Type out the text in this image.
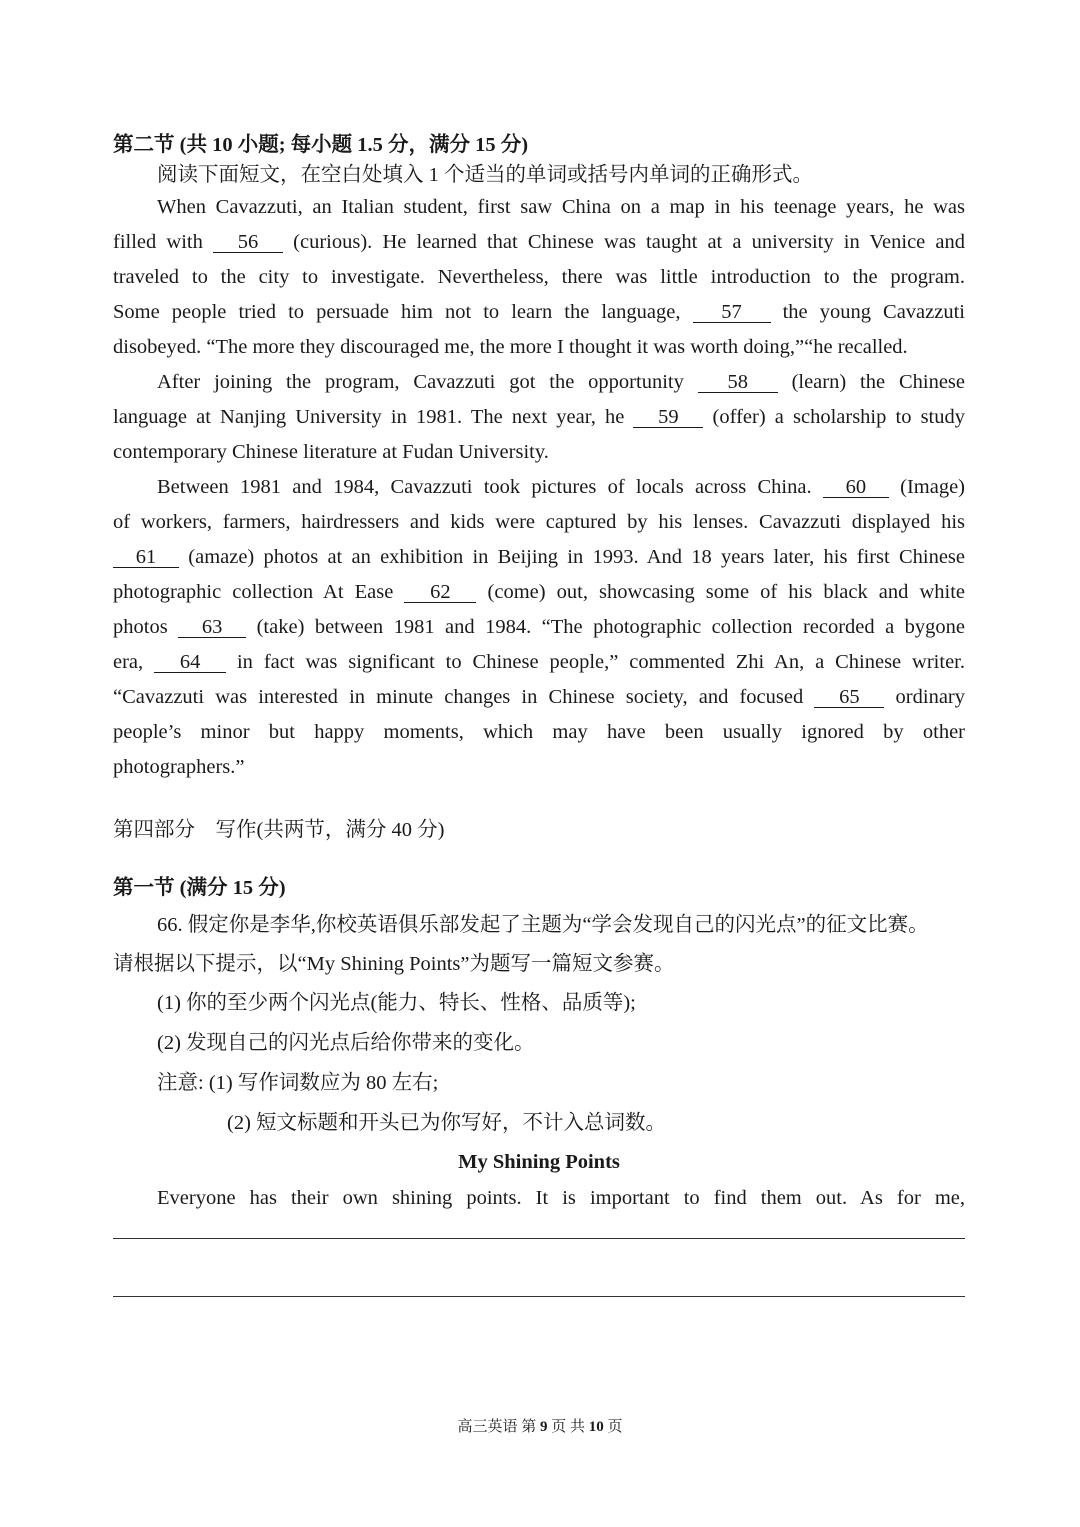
第二节 (共 10 小题; 每小题 1.5 分，满分 15 分)
阅读下面短文，在空白处填入 1 个适当的单词或括号内单词的正确形式。
When Cavazzuti, an Italian student, first saw China on a map in his teenage years, he was
filled with 56 (curious). He learned that Chinese was taught at a university in Venice and
traveled to the city to investigate. Nevertheless, there was little introduction to the program.
Some people tried to persuade him not to learn the language, 57 the young Cavazzuti
disobeyed. “The more they discouraged me, the more I thought it was worth doing,”“he recalled.
After joining the program, Cavazzuti got the opportunity 58 (learn) the Chinese
language at Nanjing University in 1981. The next year, he 59 (offer) a scholarship to study
contemporary Chinese literature at Fudan University.
Between 1981 and 1984, Cavazzuti took pictures of locals across China. 60 (Image)
of workers, farmers, hairdressers and kids were captured by his lenses. Cavazzuti displayed his
61 (amaze) photos at an exhibition in Beijing in 1993. And 18 years later, his first Chinese
photographic collection At Ease 62 (come) out, showcasing some of his black and white
photos 63 (take) between 1981 and 1984. “The photographic collection recorded a bygone
era, 64 in fact was significant to Chinese people,” commented Zhi An, a Chinese writer.
“Cavazzuti was interested in minute changes in Chinese society, and focused 65 ordinary
people’s minor but happy moments, which may have been usually ignored by other
photographers.”
第四部分　写作(共两节，满分 40 分)
第一节 (满分 15 分)
66. 假定你是李华,你校英语俱乐部发起了主题为“学会发现自己的闪光点”的征文比赛。
请根据以下提示，以“My Shining Points”为题写一篇短文参赛。
(1) 你的至少两个闪光点(能力、特长、性格、品质等);
(2) 发现自己的闪光点后给你带来的变化。
注意: (1) 写作词数应为 80 左右;
(2) 短文标题和开头已为你写好，不计入总词数。
My Shining Points
Everyone has their own shining points. It is important to find them out. As for me,
高三英语 第 9 页 共 10 页
